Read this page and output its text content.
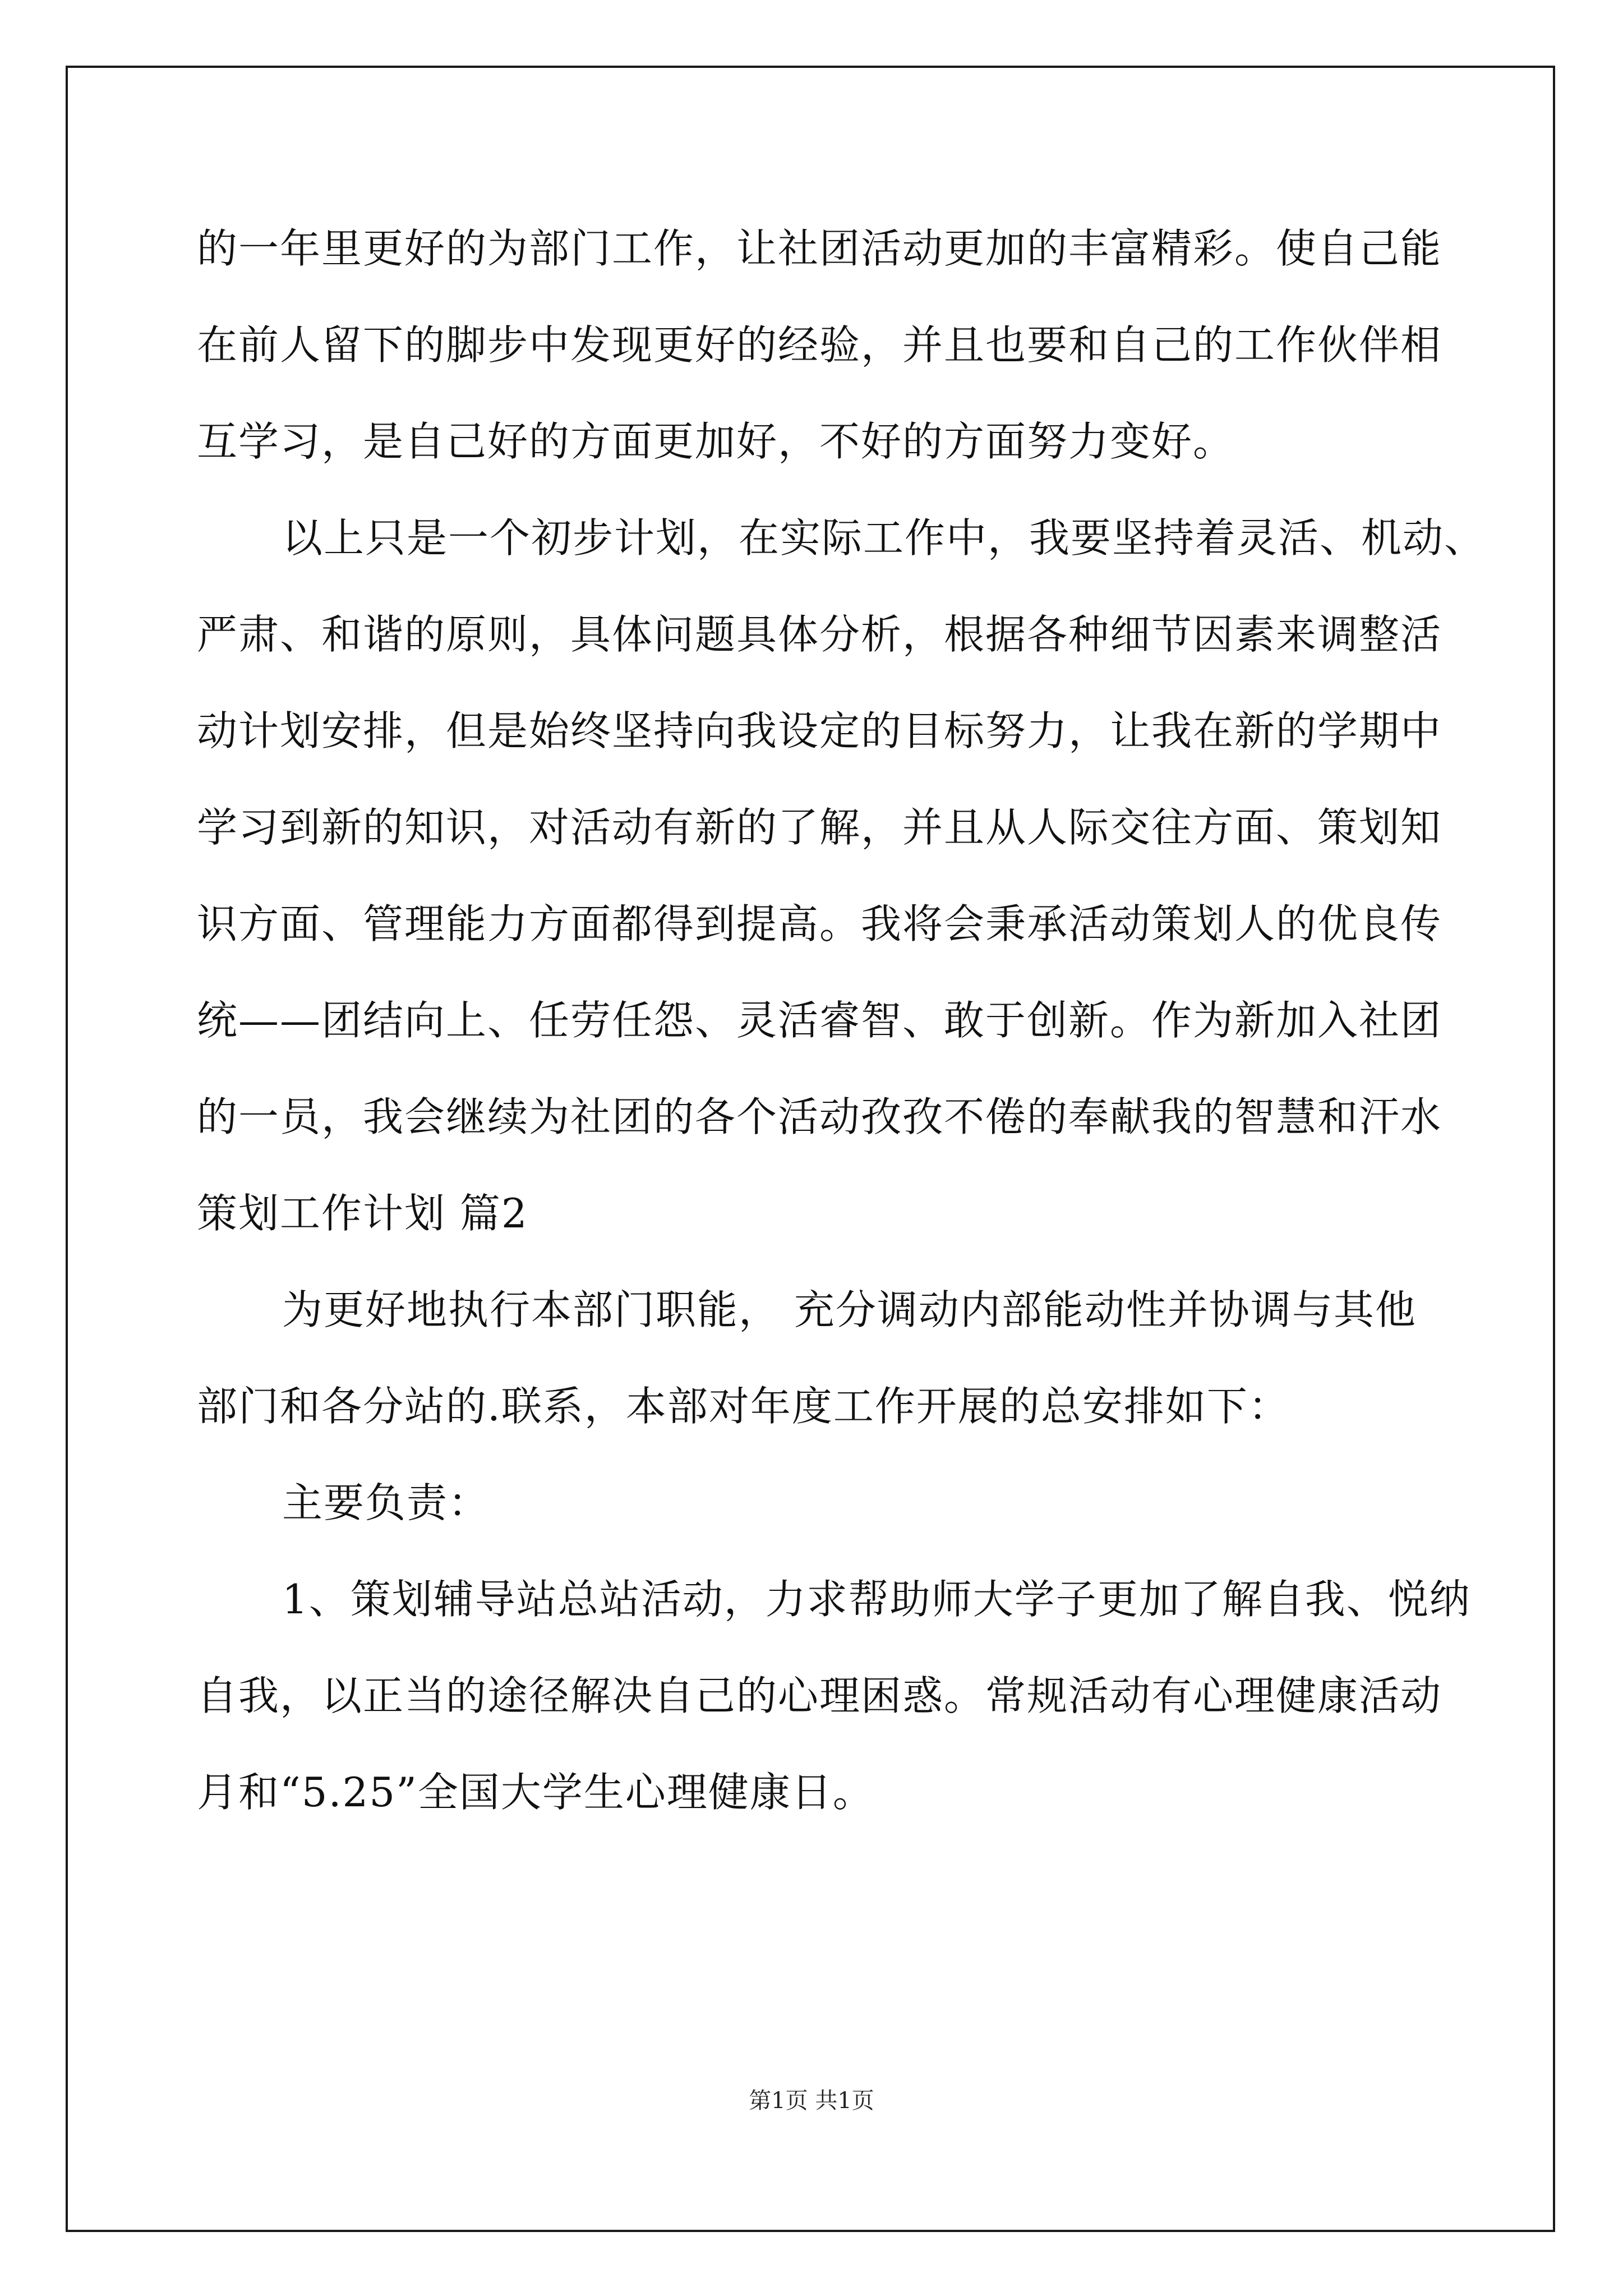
的一年里更好的为部门工作，让社团活动更加的丰富精彩。使自己能
在前人留下的脚步中发现更好的经验，并且也要和自己的工作伙伴相
互学习，是自己好的方面更加好，不好的方面努力变好。
以上只是一个初步计划，在实际工作中，我要坚持着灵活、机动、
严肃、和谐的原则，具体问题具体分析，根据各种细节因素来调整活
动计划安排，但是始终坚持向我设定的目标努力，让我在新的学期中
学习到新的知识，对活动有新的了解，并且从人际交往方面、策划知
识方面、管理能力方面都得到提高。我将会秉承活动策划人的优良传
统——团结向上、任劳任怨、灵活睿智、敢于创新。作为新加入社团
的一员，我会继续为社团的各个活动孜孜不倦的奉献我的智慧和汗水
策划工作计划 篇2
为更好地执行本部门职能， 充分调动内部能动性并协调与其他
部门和各分站的.联系，本部对年度工作开展的总安排如下：
主要负责：
1、策划辅导站总站活动，力求帮助师大学子更加了解自我、悦纳
自我，以正当的途径解决自己的心理困惑。常规活动有心理健康活动
月和“5.25”全国大学生心理健康日。
第1页 共1页
